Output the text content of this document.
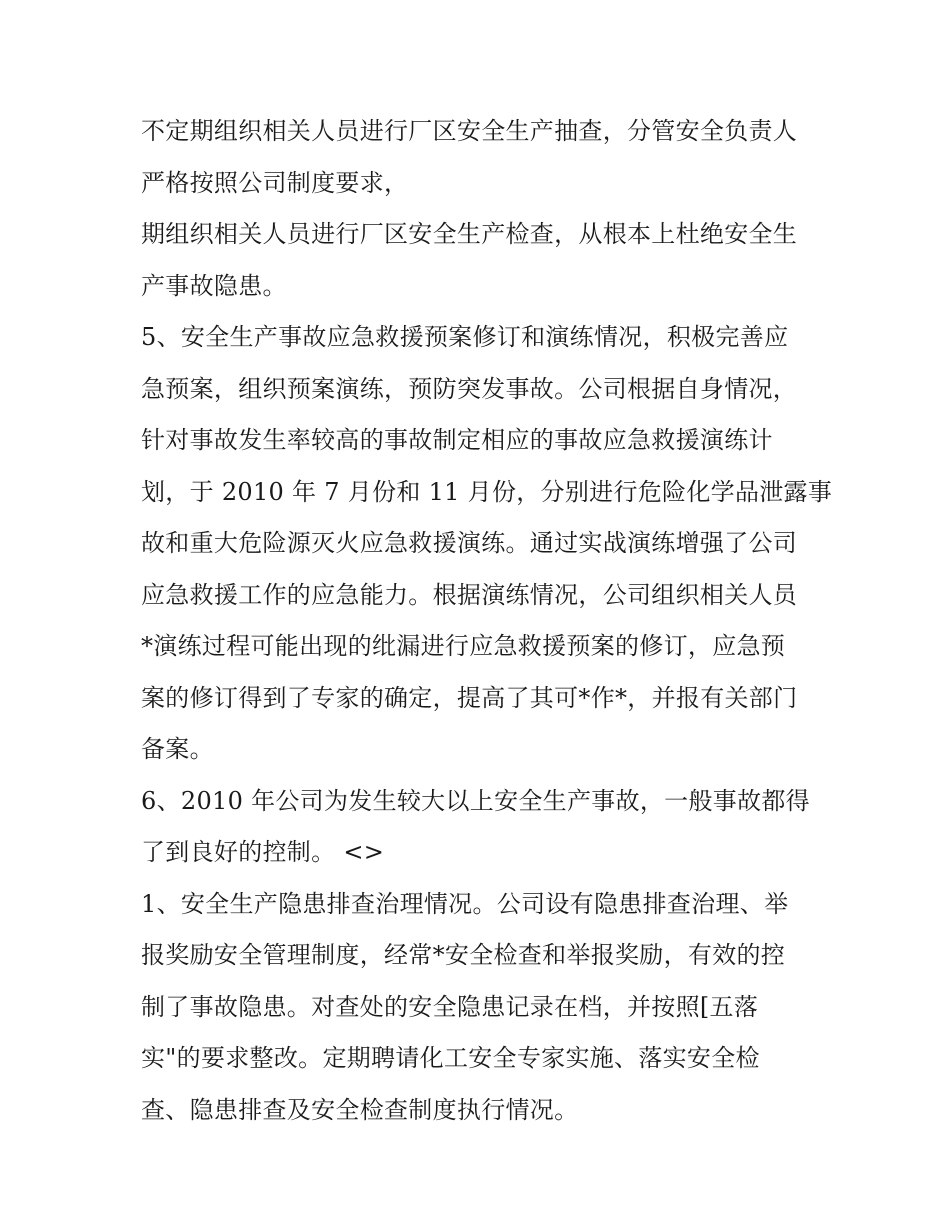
不定期组织相关人员进行厂区安全生产抽查，分管安全负责人
严格按照公司制度要求，
期组织相关人员进行厂区安全生产检查，从根本上杜绝安全生
产事故隐患。
5、安全生产事故应急救援预案修订和演练情况，积极完善应
急预案，组织预案演练，预防突发事故。公司根据自身情况，
针对事故发生率较高的事故制定相应的事故应急救援演练计
划，于 2010 年 7 月份和 11 月份，分别进行危险化学品泄露事
故和重大危险源灭火应急救援演练。通过实战演练增强了公司
应急救援工作的应急能力。根据演练情况，公司组织相关人员
*演练过程可能出现的纰漏进行应急救援预案的修订，应急预
案的修订得到了专家的确定，提高了其可*作*，并报有关部门
备案。
6、2010 年公司为发生较大以上安全生产事故，一般事故都得
了到良好的控制。 <>
1、安全生产隐患排查治理情况。公司设有隐患排查治理、举
报奖励安全管理制度，经常*安全检查和举报奖励，有效的控
制了事故隐患。对查处的安全隐患记录在档，并按照[五落
实"的要求整改。定期聘请化工安全专家实施、落实安全检
查、隐患排查及安全检查制度执行情况。
